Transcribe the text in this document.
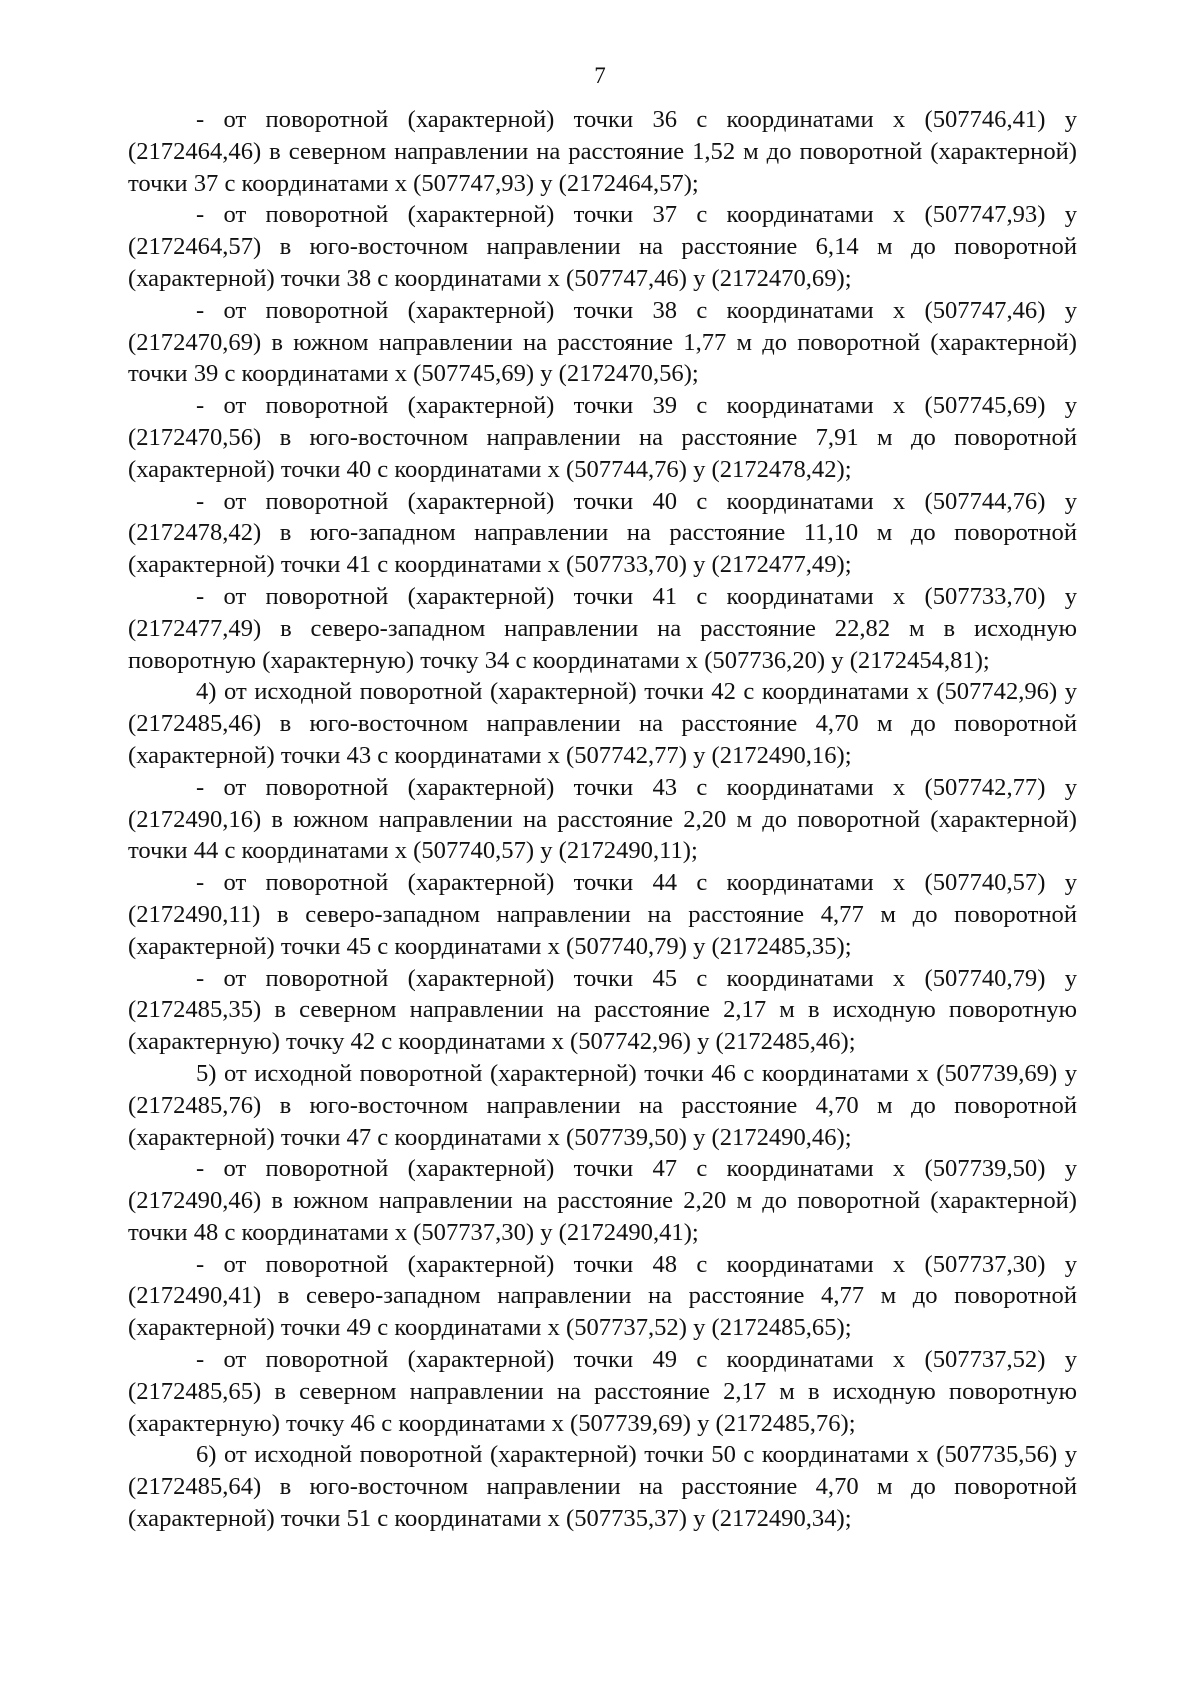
7

- от поворотной (характерной) точки 36 с координатами х (507746,41) у (2172464,46) в северном направлении на расстояние 1,52 м до поворотной (характерной) точки 37 с координатами х (507747,93) у (2172464,57);

- от поворотной (характерной) точки 37 с координатами х (507747,93) у (2172464,57) в юго-восточном направлении на расстояние 6,14 м до поворотной (характерной) точки 38 с координатами х (507747,46) у (2172470,69);

- от поворотной (характерной) точки 38 с координатами х (507747,46) у (2172470,69) в южном направлении на расстояние 1,77 м до поворотной (характерной) точки 39 с координатами х (507745,69) у (2172470,56);

- от поворотной (характерной) точки 39 с координатами х (507745,69) у (2172470,56) в юго-восточном направлении на расстояние 7,91 м до поворотной (характерной) точки 40 с координатами х (507744,76) у (2172478,42);

- от поворотной (характерной) точки 40 с координатами х (507744,76) у (2172478,42) в юго-западном направлении на расстояние 11,10 м до поворотной (характерной) точки 41 с координатами х (507733,70) у (2172477,49);

- от поворотной (характерной) точки 41 с координатами х (507733,70) у (2172477,49) в северо-западном направлении на расстояние 22,82 м в исходную поворотную (характерную) точку 34 с координатами х (507736,20) у (2172454,81);

4) от исходной поворотной (характерной) точки 42 с координатами х (507742,96) у (2172485,46) в юго-восточном направлении на расстояние 4,70 м до поворотной (характерной) точки 43 с координатами х (507742,77) у (2172490,16);

- от поворотной (характерной) точки 43 с координатами х (507742,77) у (2172490,16) в южном направлении на расстояние 2,20 м до поворотной (характерной) точки 44 с координатами х (507740,57) у (2172490,11);

- от поворотной (характерной) точки 44 с координатами х (507740,57) у (2172490,11) в северо-западном направлении на расстояние 4,77 м до поворотной (характерной) точки 45 с координатами х (507740,79) у (2172485,35);

- от поворотной (характерной) точки 45 с координатами х (507740,79) у (2172485,35) в северном направлении на расстояние 2,17 м в исходную поворотную (характерную) точку 42 с координатами х (507742,96) у (2172485,46);

5) от исходной поворотной (характерной) точки 46 с координатами х (507739,69) у (2172485,76) в юго-восточном направлении на расстояние 4,70 м до поворотной (характерной) точки 47 с координатами х (507739,50) у (2172490,46);

- от поворотной (характерной) точки 47 с координатами х (507739,50) у (2172490,46) в южном направлении на расстояние 2,20 м до поворотной (характерной) точки 48 с координатами х (507737,30) у (2172490,41);

- от поворотной (характерной) точки 48 с координатами х (507737,30) у (2172490,41) в северо-западном направлении на расстояние 4,77 м до поворотной (характерной) точки 49 с координатами х (507737,52) у (2172485,65);

- от поворотной (характерной) точки 49 с координатами х (507737,52) у (2172485,65) в северном направлении на расстояние 2,17 м в исходную поворотную (характерную) точку 46 с координатами х (507739,69) у (2172485,76);

6) от исходной поворотной (характерной) точки 50 с координатами х (507735,56) у (2172485,64) в юго-восточном направлении на расстояние 4,70 м до поворотной (характерной) точки 51 с координатами х (507735,37) у (2172490,34);
